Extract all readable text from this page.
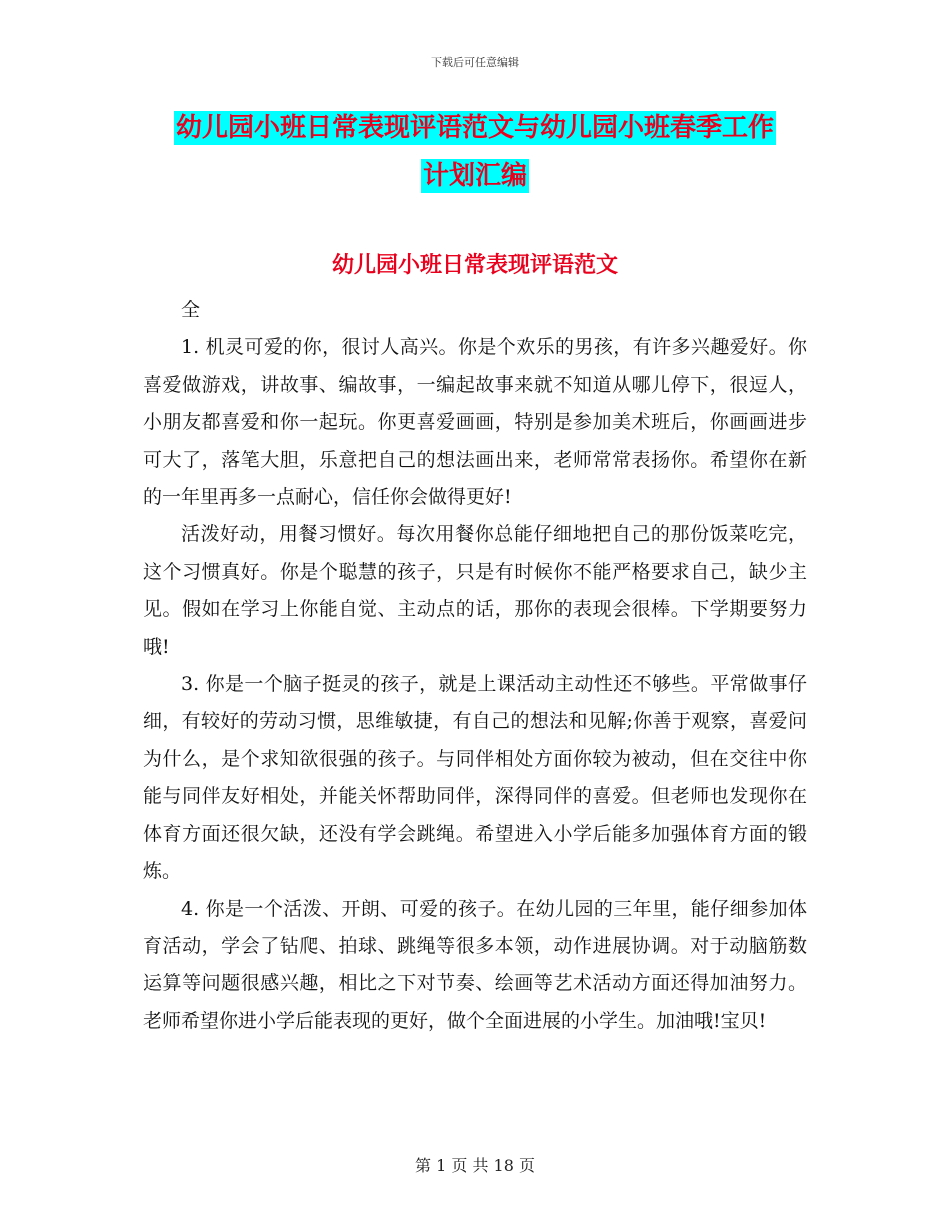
下载后可任意编辑
幼儿园小班日常表现评语范文与幼儿园小班春季工作
计划汇编
幼儿园小班日常表现评语范文

全

1. 机灵可爱的你，很讨人高兴。你是个欢乐的男孩，有许多兴趣爱好。你喜爱做游戏，讲故事、编故事，一编起故事来就不知道从哪儿停下，很逗人，小朋友都喜爱和你一起玩。你更喜爱画画，特别是参加美术班后，你画画进步可大了，落笔大胆，乐意把自己的想法画出来，老师常常表扬你。希望你在新的一年里再多一点耐心，信任你会做得更好!

活泼好动，用餐习惯好。每次用餐你总能仔细地把自己的那份饭菜吃完，这个习惯真好。你是个聪慧的孩子，只是有时候你不能严格要求自己，缺少主见。假如在学习上你能自觉、主动点的话，那你的表现会很棒。下学期要努力哦!

3. 你是一个脑子挺灵的孩子，就是上课活动主动性还不够些。平常做事仔细，有较好的劳动习惯，思维敏捷，有自己的想法和见解;你善于观察，喜爱问为什么，是个求知欲很强的孩子。与同伴相处方面你较为被动，但在交往中你能与同伴友好相处，并能关怀帮助同伴，深得同伴的喜爱。但老师也发现你在体育方面还很欠缺，还没有学会跳绳。希望进入小学后能多加强体育方面的锻炼。

4. 你是一个活泼、开朗、可爱的孩子。在幼儿园的三年里，能仔细参加体育活动，学会了钻爬、拍球、跳绳等很多本领，动作进展协调。对于动脑筋数运算等问题很感兴趣，相比之下对节奏、绘画等艺术活动方面还得加油努力。老师希望你进小学后能表现的更好，做个全面进展的小学生。加油哦!宝贝!

第 1 页 共 18 页
